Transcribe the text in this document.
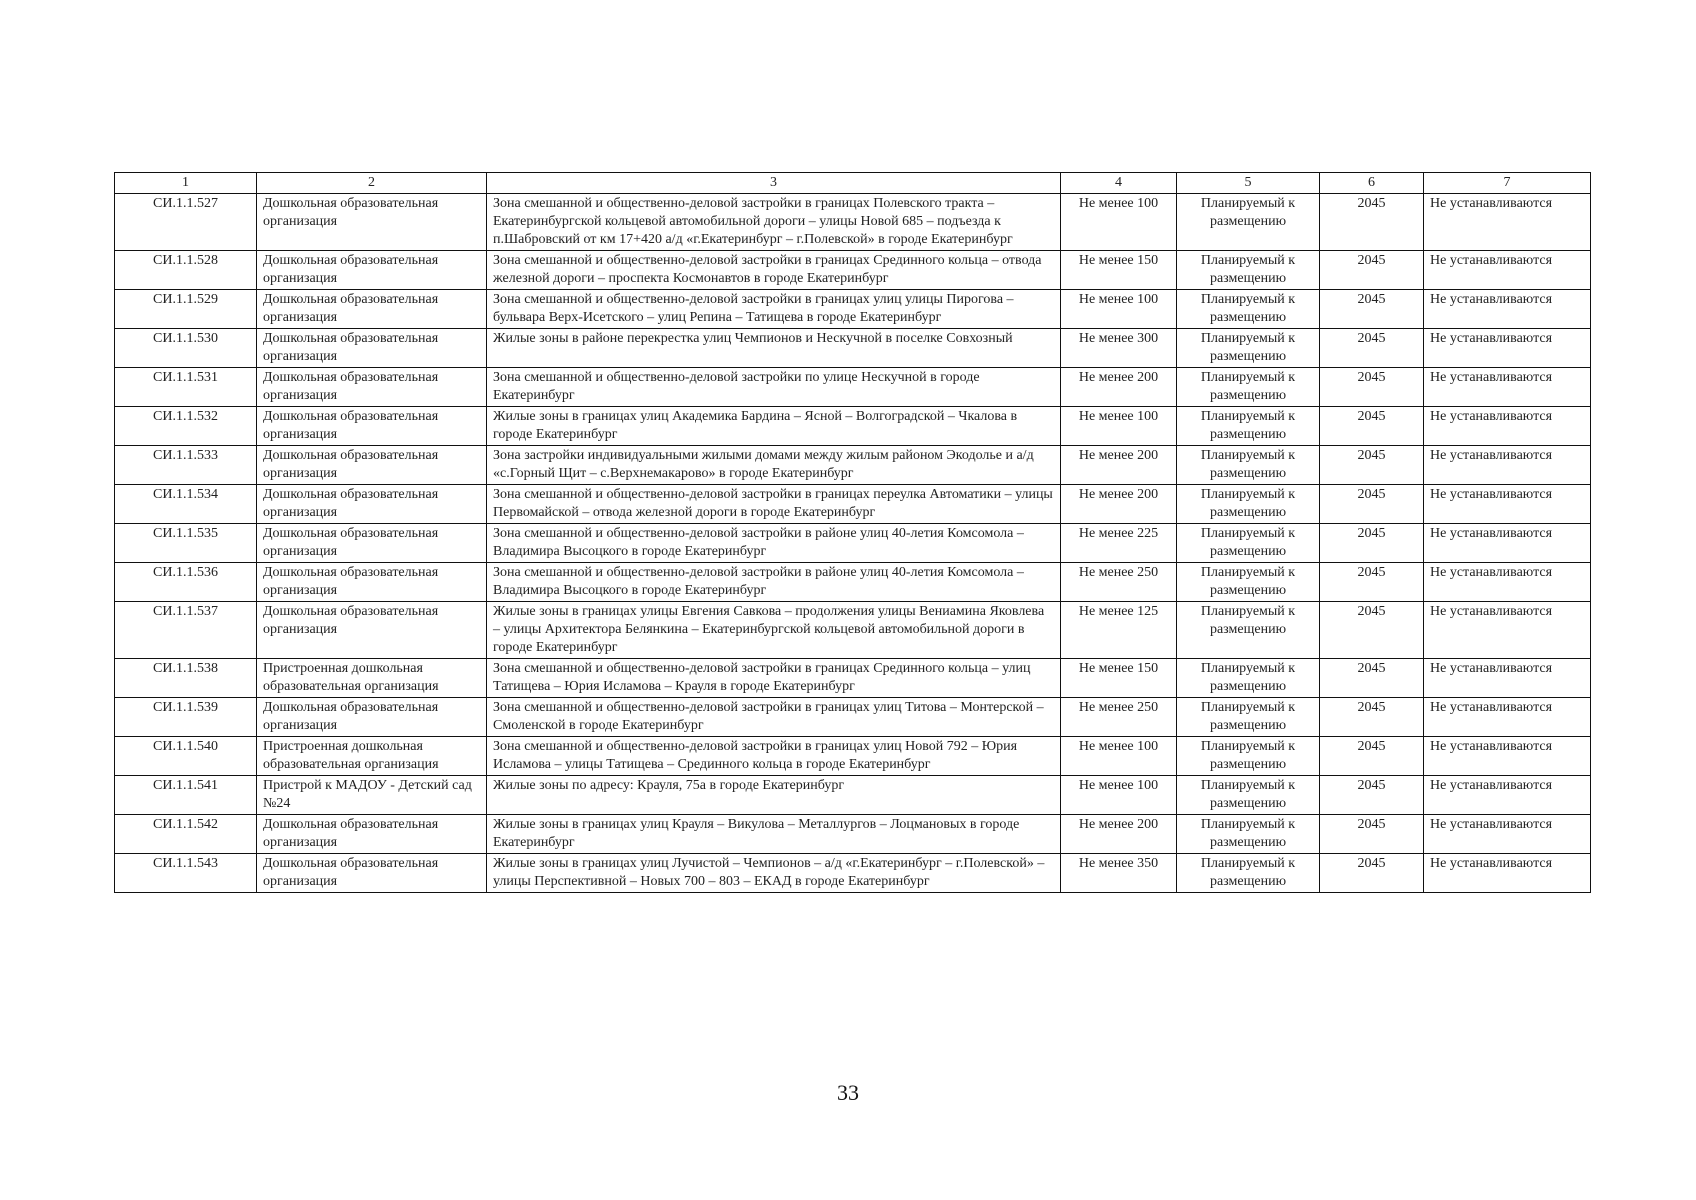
1	2	3	4	5	6	7
СИ.1.1.527	Дошкольная образовательная организация	Зона смешанной и общественно-деловой застройки в границах Полевского тракта – Екатеринбургской кольцевой автомобильной дороги – улицы Новой 685 – подъезда к п.Шабровский от км 17+420 а/д «г.Екатеринбург – г.Полевской» в городе Екатеринбург	Не менее 100	Планируемый к размещению	2045	Не устанавливаются
СИ.1.1.528	Дошкольная образовательная организация	Зона смешанной и общественно-деловой застройки в границах Срединного кольца – отвода железной дороги – проспекта Космонавтов в городе Екатеринбург	Не менее 150	Планируемый к размещению	2045	Не устанавливаются
СИ.1.1.529	Дошкольная образовательная организация	Зона смешанной и общественно-деловой застройки в границах улиц улицы Пирогова – бульвара Верх-Исетского – улиц Репина – Татищева в городе Екатеринбург	Не менее 100	Планируемый к размещению	2045	Не устанавливаются
СИ.1.1.530	Дошкольная образовательная организация	Жилые зоны в районе перекрестка улиц Чемпионов и Нескучной в поселке Совхозный	Не менее 300	Планируемый к размещению	2045	Не устанавливаются
СИ.1.1.531	Дошкольная образовательная организация	Зона смешанной и общественно-деловой застройки по улице Нескучной в городе Екатеринбург	Не менее 200	Планируемый к размещению	2045	Не устанавливаются
СИ.1.1.532	Дошкольная образовательная организация	Жилые зоны в границах улиц Академика Бардина – Ясной – Волгоградской – Чкалова в городе Екатеринбург	Не менее 100	Планируемый к размещению	2045	Не устанавливаются
СИ.1.1.533	Дошкольная образовательная организация	Зона застройки индивидуальными жилыми домами между жилым районом Экодолье и а/д «с.Горный Щит – с.Верхнемакарово» в городе Екатеринбург	Не менее 200	Планируемый к размещению	2045	Не устанавливаются
СИ.1.1.534	Дошкольная образовательная организация	Зона смешанной и общественно-деловой застройки в границах переулка Автоматики – улицы Первомайской – отвода железной дороги в городе Екатеринбург	Не менее 200	Планируемый к размещению	2045	Не устанавливаются
СИ.1.1.535	Дошкольная образовательная организация	Зона смешанной и общественно-деловой застройки в районе улиц 40-летия Комсомола – Владимира Высоцкого в городе Екатеринбург	Не менее 225	Планируемый к размещению	2045	Не устанавливаются
СИ.1.1.536	Дошкольная образовательная организация	Зона смешанной и общественно-деловой застройки в районе улиц 40-летия Комсомола – Владимира Высоцкого в городе Екатеринбург	Не менее 250	Планируемый к размещению	2045	Не устанавливаются
СИ.1.1.537	Дошкольная образовательная организация	Жилые зоны в границах улицы Евгения Савкова – продолжения улицы Вениамина Яковлева – улицы Архитектора Белянкина – Екатеринбургской кольцевой автомобильной дороги в городе Екатеринбург	Не менее 125	Планируемый к размещению	2045	Не устанавливаются
СИ.1.1.538	Пристроенная дошкольная образовательная организация	Зона смешанной и общественно-деловой застройки в границах Срединного кольца – улиц Татищева – Юрия Исламова – Крауля в городе Екатеринбург	Не менее 150	Планируемый к размещению	2045	Не устанавливаются
СИ.1.1.539	Дошкольная образовательная организация	Зона смешанной и общественно-деловой застройки в границах улиц Титова – Монтерской – Смоленской в городе Екатеринбург	Не менее 250	Планируемый к размещению	2045	Не устанавливаются
СИ.1.1.540	Пристроенная дошкольная образовательная организация	Зона смешанной и общественно-деловой застройки в границах улиц Новой 792 – Юрия Исламова – улицы Татищева – Срединного кольца в городе Екатеринбург	Не менее 100	Планируемый к размещению	2045	Не устанавливаются
СИ.1.1.541	Пристрой к МАДОУ - Детский сад №24	Жилые зоны по адресу: Крауля, 75а в городе Екатеринбург	Не менее 100	Планируемый к размещению	2045	Не устанавливаются
СИ.1.1.542	Дошкольная образовательная организация	Жилые зоны в границах улиц Крауля – Викулова – Металлургов – Лоцмановых в городе Екатеринбург	Не менее 200	Планируемый к размещению	2045	Не устанавливаются
СИ.1.1.543	Дошкольная образовательная организация	Жилые зоны в границах улиц Лучистой – Чемпионов – а/д «г.Екатеринбург – г.Полевской» – улицы Перспективной – Новых 700 – 803 – ЕКАД в городе Екатеринбург	Не менее 350	Планируемый к размещению	2045	Не устанавливаются
33
